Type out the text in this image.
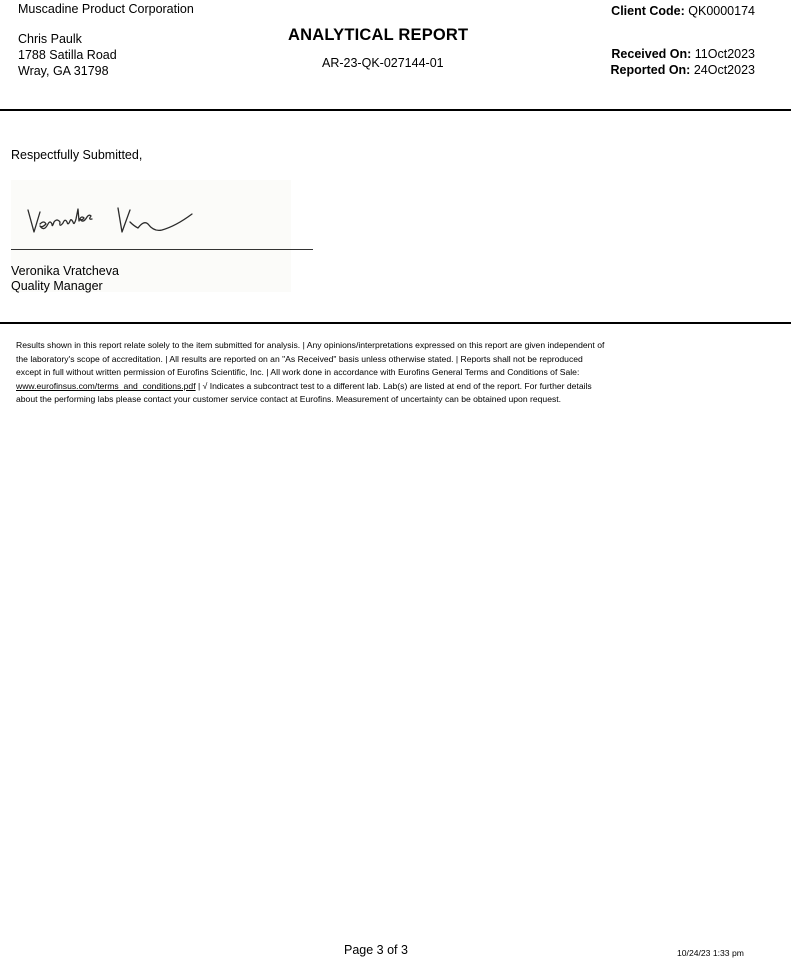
Muscadine Product Corporation
Chris Paulk
1788 Satilla Road
Wray, GA 31798
ANALYTICAL REPORT
AR-23-QK-027144-01
Client Code: QK0000174
Received On: 11Oct2023
Reported On: 24Oct2023
Respectfully Submitted,
Veronika Vratcheva
Quality Manager
Results shown in this report relate solely to the item submitted for analysis. | Any opinions/interpretations expressed on this report are given independent of
the laboratory's scope of accreditation. | All results are reported on an "As Received" basis unless otherwise stated. | Reports shall not be reproduced
except in full without written permission of Eurofins Scientific, Inc. | All work done in accordance with Eurofins General Terms and Conditions of Sale:
www.eurofinsus.com/terms_and_conditions.pdf | √ Indicates a subcontract test to a different lab. Lab(s) are listed at end of the report. For further details
about the performing labs please contact your customer service contact at Eurofins. Measurement of uncertainty can be obtained upon request.
Page 3 of 3	10/24/23 1:33 pm
